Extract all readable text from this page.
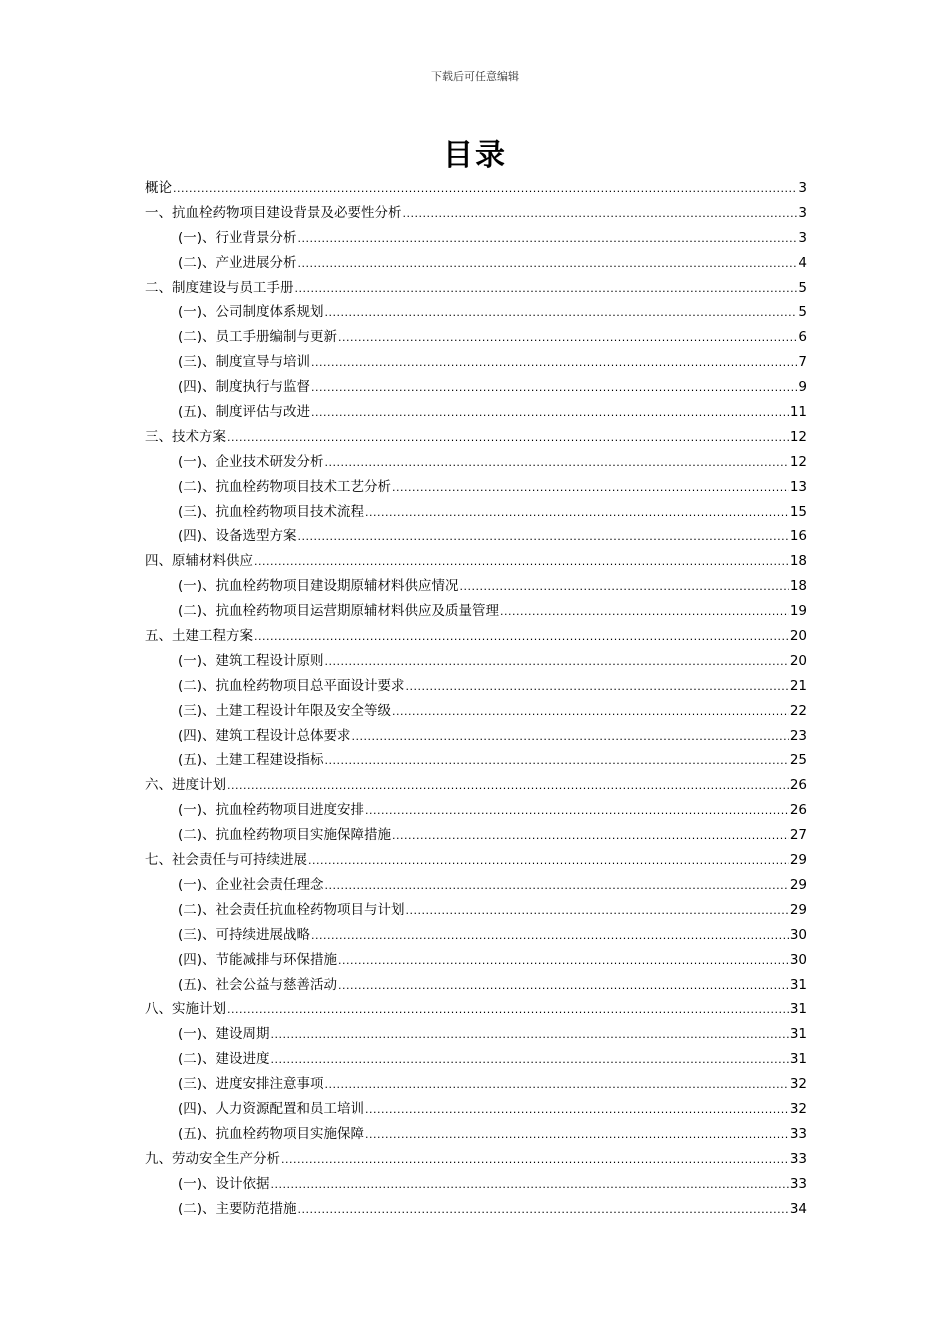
下载后可任意编辑
目录
概论 .....	3
一、抗血栓药物项目建设背景及必要性分析 .....	3
(一)、行业背景分析 .....	3
(二)、产业进展分析 .....	4
二、制度建设与员工手册 .....	5
(一)、公司制度体系规划 .....	5
(二)、员工手册编制与更新 .....	6
(三)、制度宣导与培训 .....	7
(四)、制度执行与监督 .....	9
(五)、制度评估与改进 .....	11
三、技术方案 .....	12
(一)、企业技术研发分析 .....	12
(二)、抗血栓药物项目技术工艺分析 .....	13
(三)、抗血栓药物项目技术流程 .....	15
(四)、设备选型方案 .....	16
四、原辅材料供应 .....	18
(一)、抗血栓药物项目建设期原辅材料供应情况 .....	18
(二)、抗血栓药物项目运营期原辅材料供应及质量管理 .....	19
五、土建工程方案 .....	20
(一)、建筑工程设计原则 .....	20
(二)、抗血栓药物项目总平面设计要求 .....	21
(三)、土建工程设计年限及安全等级 .....	22
(四)、建筑工程设计总体要求 .....	23
(五)、土建工程建设指标 .....	25
六、进度计划 .....	26
(一)、抗血栓药物项目进度安排 .....	26
(二)、抗血栓药物项目实施保障措施 .....	27
七、社会责任与可持续进展 .....	29
(一)、企业社会责任理念 .....	29
(二)、社会责任抗血栓药物项目与计划 .....	29
(三)、可持续进展战略 .....	30
(四)、节能减排与环保措施 .....	30
(五)、社会公益与慈善活动 .....	31
八、实施计划 .....	31
(一)、建设周期 .....	31
(二)、建设进度 .....	31
(三)、进度安排注意事项 .....	32
(四)、人力资源配置和员工培训 .....	32
(五)、抗血栓药物项目实施保障 .....	33
九、劳动安全生产分析 .....	33
(一)、设计依据 .....	33
(二)、主要防范措施 .....	34
